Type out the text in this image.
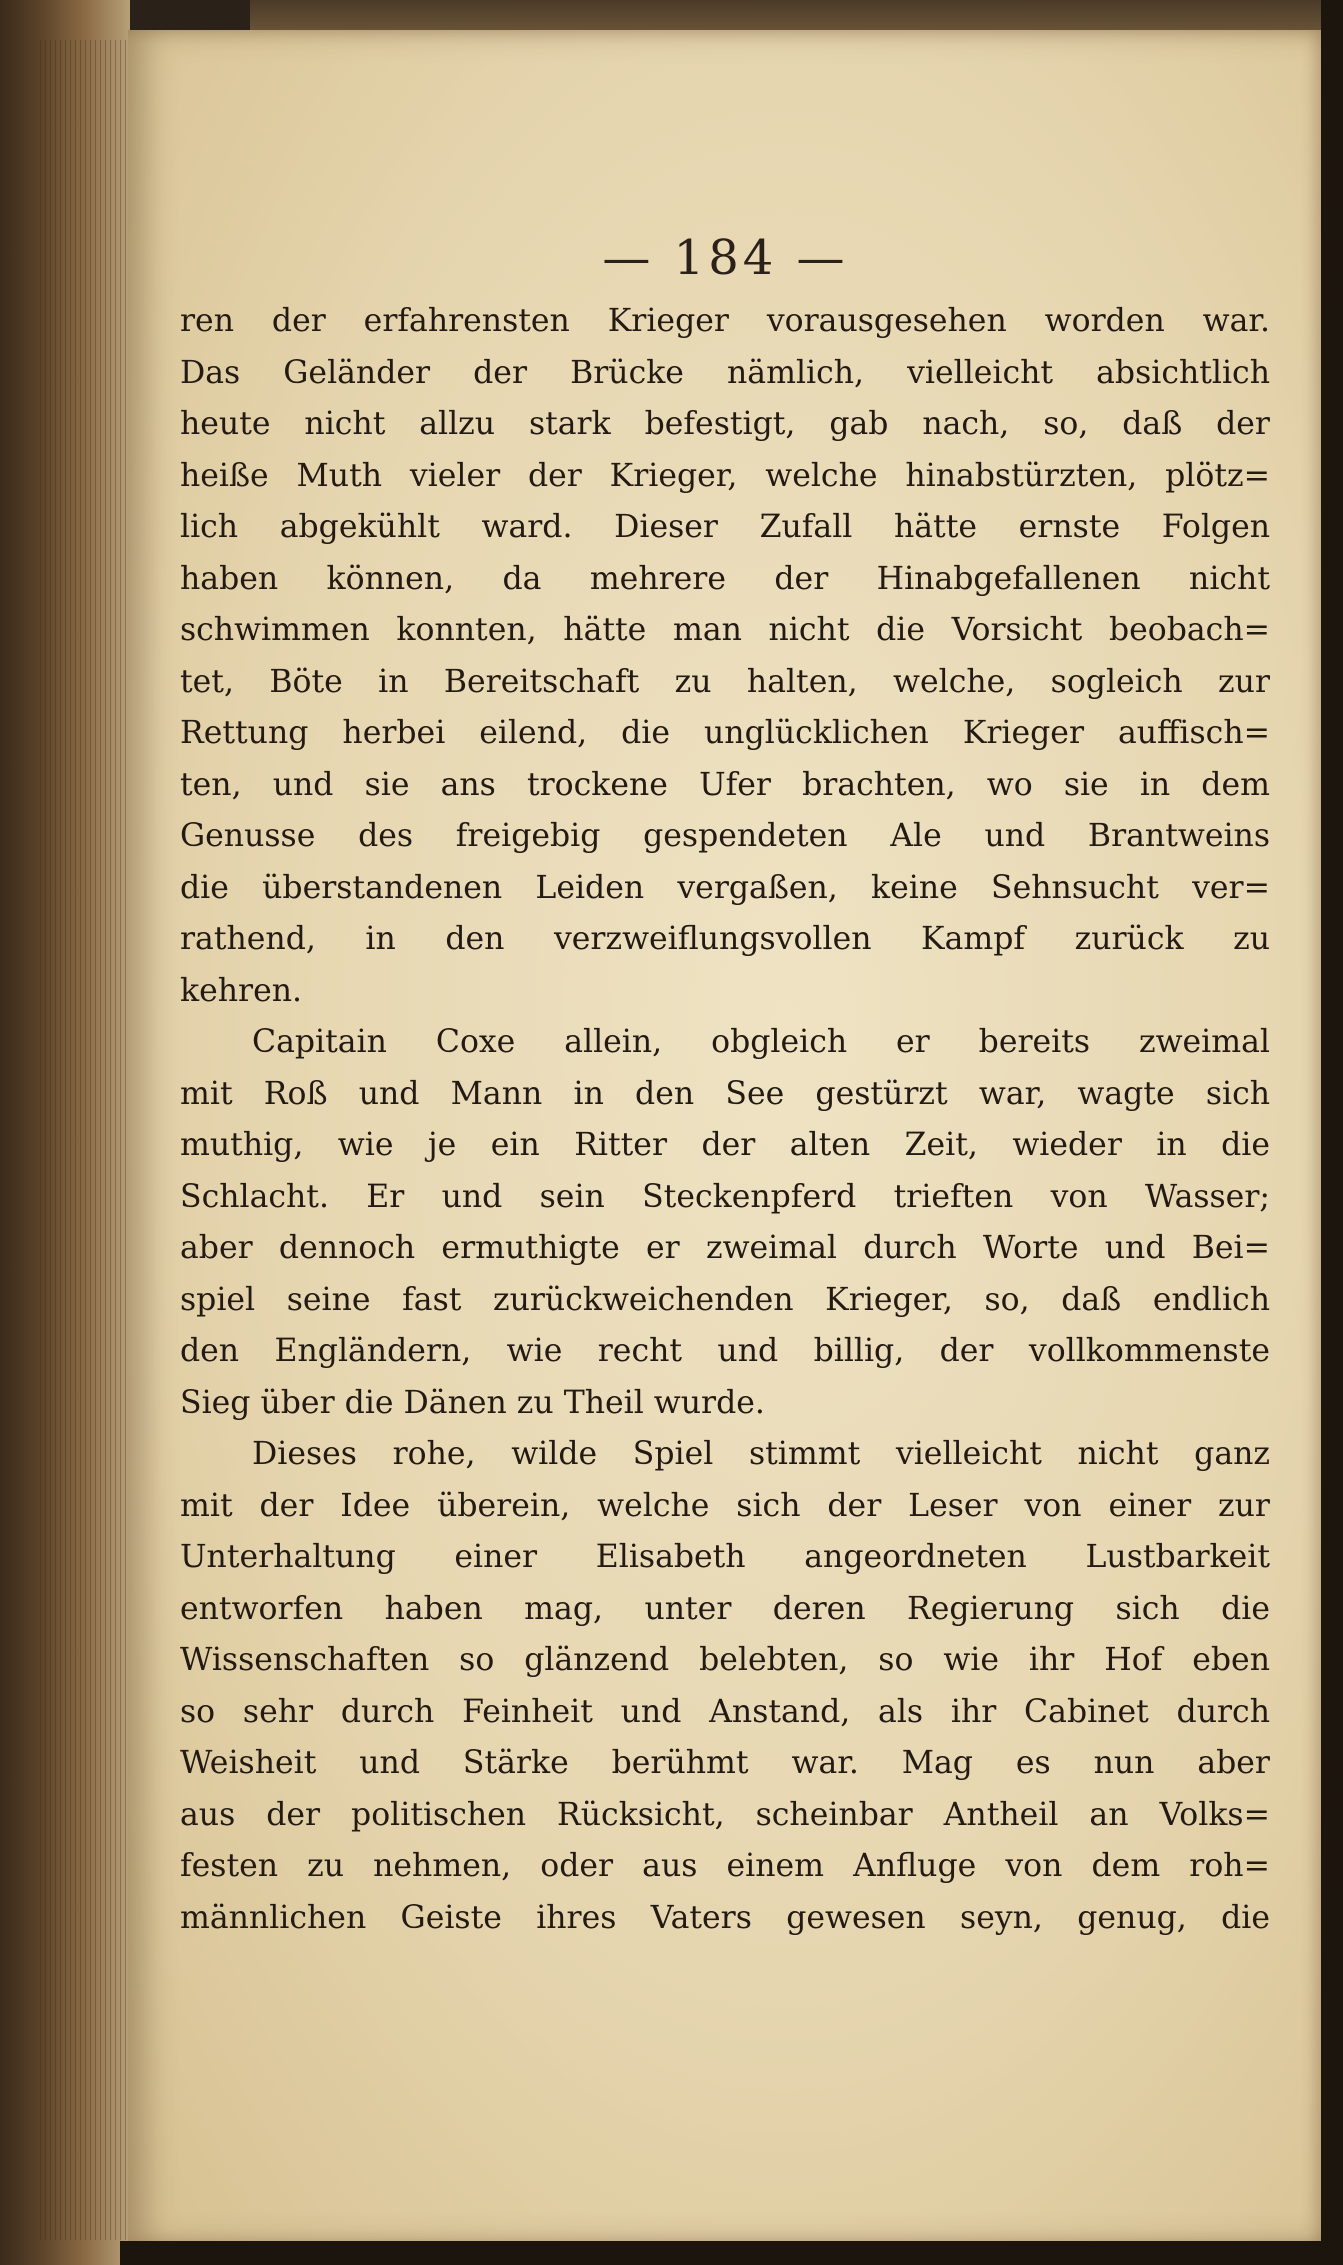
— 184 —
ren der erfahrensten Krieger vorausgesehen worden war.
Das Geländer der Brücke nämlich, vielleicht absichtlich
heute nicht allzu stark befestigt, gab nach, so, daß der
heiße Muth vieler der Krieger, welche hinabstürzten, plötz=
lich abgekühlt ward. Dieser Zufall hätte ernste Folgen
haben können, da mehrere der Hinabgefallenen nicht
schwimmen konnten, hätte man nicht die Vorsicht beobach=
tet, Böte in Bereitschaft zu halten, welche, sogleich zur
Rettung herbei eilend, die unglücklichen Krieger auffisch=
ten, und sie ans trockene Ufer brachten, wo sie in dem
Genusse des freigebig gespendeten Ale und Brantweins
die überstandenen Leiden vergaßen, keine Sehnsucht ver=
rathend, in den verzweiflungsvollen Kampf zurück zu
kehren.
Capitain Coxe allein, obgleich er bereits zweimal
mit Roß und Mann in den See gestürzt war, wagte sich
muthig, wie je ein Ritter der alten Zeit, wieder in die
Schlacht. Er und sein Steckenpferd trieften von Wasser;
aber dennoch ermuthigte er zweimal durch Worte und Bei=
spiel seine fast zurückweichenden Krieger, so, daß endlich
den Engländern, wie recht und billig, der vollkommenste
Sieg über die Dänen zu Theil wurde.
Dieses rohe, wilde Spiel stimmt vielleicht nicht ganz
mit der Idee überein, welche sich der Leser von einer zur
Unterhaltung einer Elisabeth angeordneten Lustbarkeit
entworfen haben mag, unter deren Regierung sich die
Wissenschaften so glänzend belebten, so wie ihr Hof eben
so sehr durch Feinheit und Anstand, als ihr Cabinet durch
Weisheit und Stärke berühmt war. Mag es nun aber
aus der politischen Rücksicht, scheinbar Antheil an Volks=
festen zu nehmen, oder aus einem Anfluge von dem roh=
männlichen Geiste ihres Vaters gewesen seyn, genug, die
